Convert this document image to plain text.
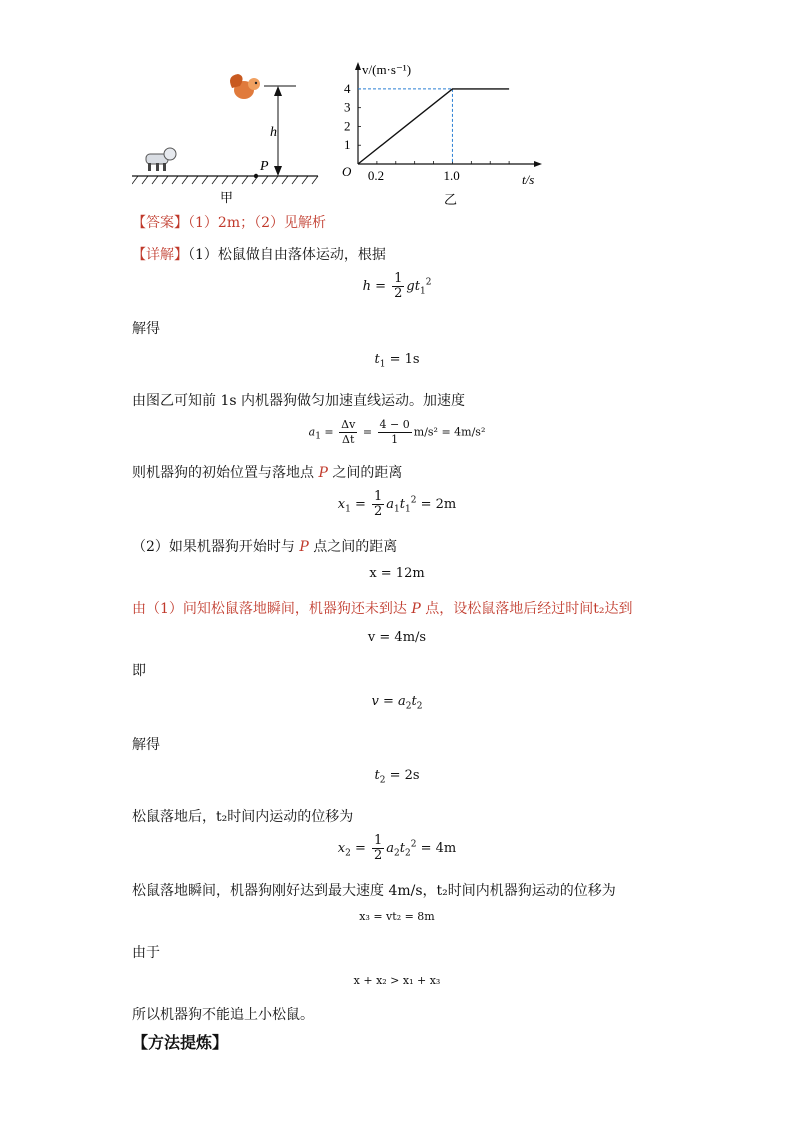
h
P
甲
0.2	1.0
1
2
3
4
v/(m·s⁻¹)
t/s
O
乙
【答案】（1）2m；（2）见解析
【详解】（1）松鼠做自由落体运动，根据
$h = \frac{1}{2} gt_1^2$
解得
$t_1 = 1s$
由图乙可知前 1s 内机器狗做匀加速直线运动。加速度
$a_1 = \frac{\Delta v}{\Delta t} = \frac{4 - 0}{1} m/s^2 = 4m/s^2$
则机器狗的初始位置与落地点 P 之间的距离
$x_1 = \frac{1}{2} a_1t_1^2 = 2m$
（2）如果机器狗开始时与 P 点之间的距离
x = 12m
由（1）问知松鼠落地瞬间，机器狗还未到达 P 点，设松鼠落地后经过时间t₂达到
v = 4m/s
即
$v = a_2t_2$
解得
$t_2 = 2s$
松鼠落地后，t₂时间内运动的位移为
$x_2 = \frac{1}{2} a_2t_2^2 = 4m$
松鼠落地瞬间，机器狗刚好达到最大速度 4m/s，t₂时间内机器狗运动的位移为
x₃ = vt₂ = 8m
由于
x + x₂ > x₁ + x₃
所以机器狗不能追上小松鼠。
【方法提炼】
